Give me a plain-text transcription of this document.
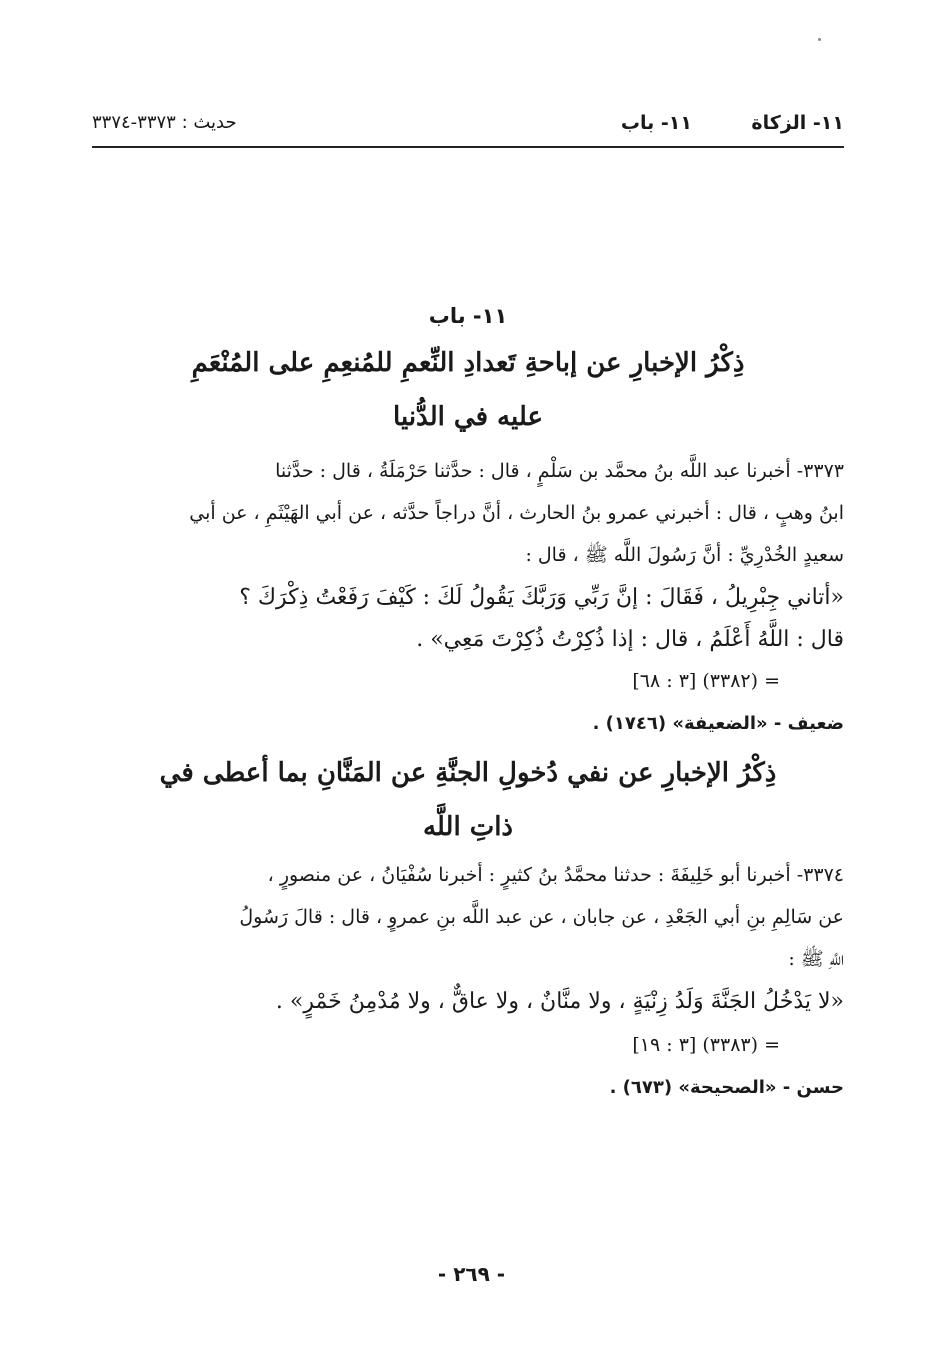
١١- الزكاة
١١- باب
حديث : ٣٣٧٣-٣٣٧٤
١١- باب

ذِكْرُ الإخبارِ عن إباحةِ تَعدادِ النِّعمِ للمُنعِمِ على المُنْعَمِ

عليه في الدُّنيا

٣٣٧٣- أخبرنا عبد اللَّه بنُ محمَّد بن سَلْمٍ ، قال : حدَّثنا حَرْمَلَةُ ، قال : حدَّثنا

ابنُ وهبٍ ، قال : أخبرني عمرو بنُ الحارث ، أنَّ دراجاً حدَّثه ، عن أبي الهَيْثَمِ ، عن أبي

سعيدٍ الخُدْرِيِّ : أنَّ رَسُولَ اللَّه ﷺ ، قال :

«أتاني جِبْرِيلُ ، فَقَالَ : إنَّ رَبِّي وَرَبَّكَ يَقُولُ لَكَ : كَيْفَ رَفَعْتُ ذِكْرَكَ ؟

قال : اللَّهُ أَعْلَمُ ، قال : إذا ذُكِرْتُ ذُكِرْتَ مَعِي» .

= (٣٣٨٢) [٣ : ٦٨]

ضعيف - «الضعيفة» (١٧٤٦) .

ذِكْرُ الإخبارِ عن نفي دُخولِ الجنَّةِ عن المَنَّانِ بما أعطى في

ذاتِ اللَّه

٣٣٧٤- أخبرنا أبو خَلِيفَةَ : حدثنا محمَّدُ بنُ كثيرٍ : أخبرنا سُفْيَانُ ، عن منصورٍ ،

عن سَالِمِ بنِ أبي الجَعْدِ ، عن جابان ، عن عبد اللَّه بنِ عمروٍ ، قال : قالَ رَسُولُ

اللَّهِ ﷺ :

«لا يَدْخُلُ الجَنَّةَ وَلَدُ زِنْيَةٍ ، ولا منَّانٌ ، ولا عاقٌّ ، ولا مُدْمِنُ خَمْرٍ» .

= (٣٣٨٣) [٣ : ١٩]

حسن - «الصحيحة» (٦٧٣) .

- ٢٦٩ -
